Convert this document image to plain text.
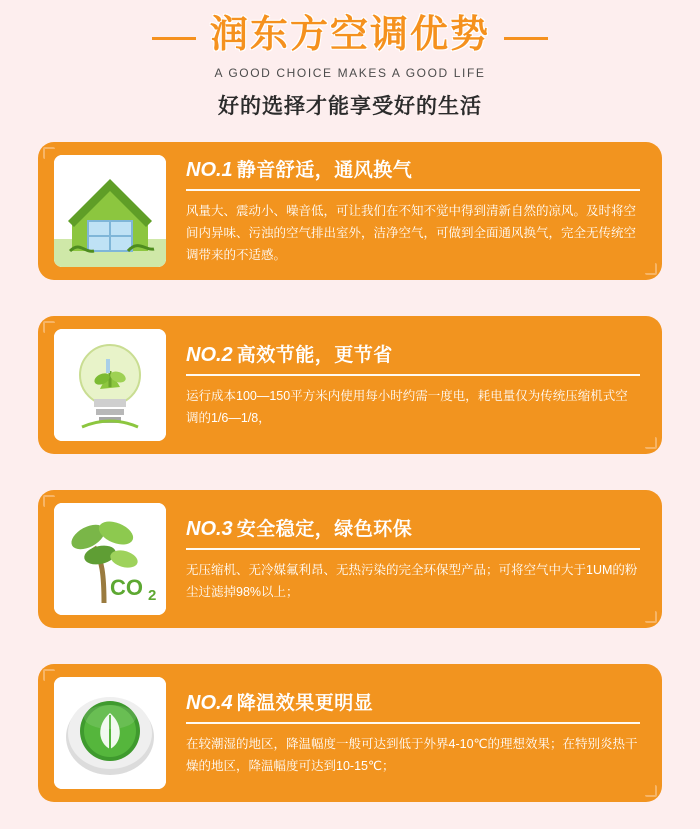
润东方空调优势
A GOOD CHOICE MAKES A GOOD LIFE
好的选择才能享受好的生活
NO.1 静音舒适，通风换气
风量大、震动小、噪音低，可让我们在不知不觉中得到清新自然的凉风。及时将空间内异味、污浊的空气排出室外，洁净空气，可做到全面通风换气，完全无传统空调带来的不适感。
NO.2 高效节能，更节省
运行成本100—150平方米内使用每小时约需一度电，耗电量仅为传统压缩机式空调的1/6—1/8，
CO 2
NO.3 安全稳定，绿色环保
无压缩机、无冷媒氟利昂、无热污染的完全环保型产品；可将空气中大于1UM的粉尘过滤掉98%以上；
NO.4 降温效果更明显
在较潮湿的地区，降温幅度一般可达到低于外界4-10℃的理想效果；在特别炎热干燥的地区，降温幅度可达到10-15℃；
